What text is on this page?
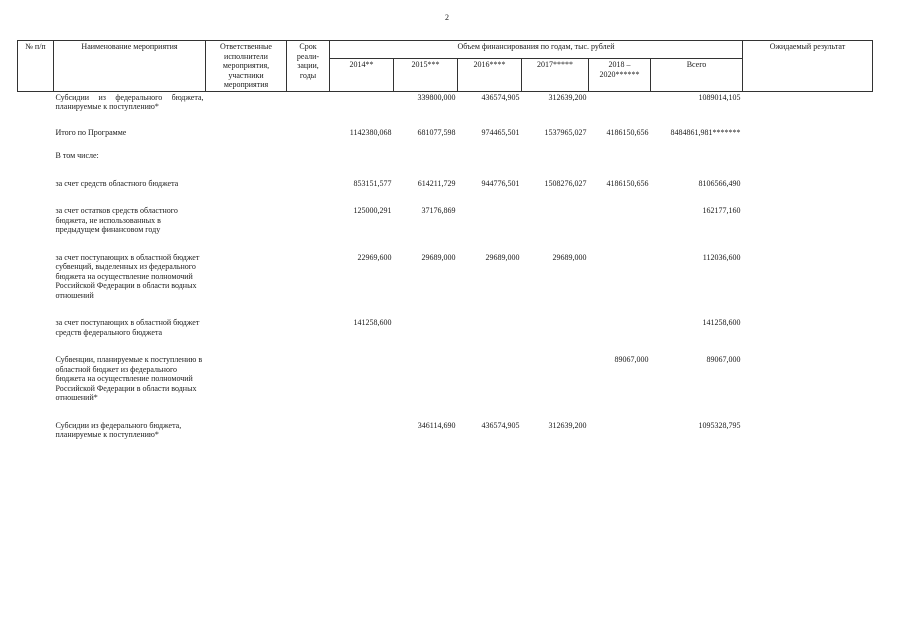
2
№ п/п	Наименование мероприятия	Ответственные исполнители мероприятия, участники мероприятия	Срок реали-зации, годы	Объем финансирования по годам, тыс. рублей						Ожидаемый результат
				2014**	2015***	2016****	2017*****	2018 – 2020******	Всего	
	Субсидии из федерального бюджета, планируемые к поступлению*				339800,000	436574,905	312639,200		1089014,105	

	Итого по Программе			1142380,068	681077,598	974465,501	1537965,027	4186150,656	8484861,981*******	

	В том числе:									

	за счет средств областного бюджета			853151,577	614211,729	944776,501	1508276,027	4186150,656	8106566,490	

	за счет остатков средств областного бюджета, не использованных в предыдущем финансовом году			125000,291	37176,869				162177,160	

	за счет поступающих в областной бюджет субвенций, выделенных из федерального бюджета на осуществление полномочий Российской Федерации в области водных отношений			22969,600	29689,000	29689,000	29689,000		112036,600	

	за счет поступающих в областной бюджет средств федерального бюджета			141258,600					141258,600	

	Субвенции, планируемые к поступлению в областной бюджет из федерального бюджета на осуществление полномочий Российской Федерации в области водных отношений*							89067,000	89067,000	

	Субсидии из федерального бюджета, планируемые к поступлению*				346114,690	436574,905	312639,200		1095328,795	
